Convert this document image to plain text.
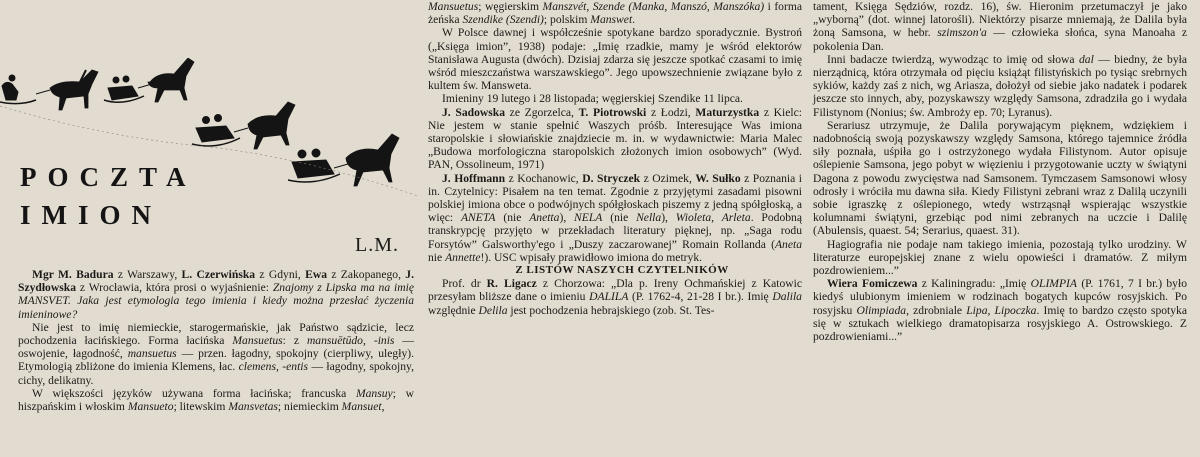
POCZTA
IMION
L.M.

Mgr M. Badura z Warszawy, L. Czerwińska z Gdyni, Ewa z Zakopanego, J. Szydłowska z Wrocławia, która prosi o wyjaśnienie: Znajomy z Lipska ma na imię MANSVET. Jaka jest etymologia tego imienia i kiedy można przesłać życzenia imieninowe?

Nie jest to imię niemieckie, starogermańskie, jak Państwo sądzicie, lecz pochodzenia łacińskiego. Forma łacińska Mansuetus: z mansuētūdo, -inis — oswojenie, łagodność, mansuetus — przen. łagodny, spokojny (cierpliwy, uległy). Etymologią zbliżone do imienia Klemens, łac. clemens, -entis — łagodny, spokojny, cichy, delikatny.

W większości języków używana forma łacińska; francuska Mansuy; w hiszpańskim i włoskim Mansueto; litewskim Mansvetas; niemieckim Mansuet,

Mansuetus; węgierskim Manszvét, Szende (Manka, Manszó, Manszóka) i forma żeńska Szendike (Szendi); polskim Manswet.

W Polsce dawnej i współcześnie spotykane bardzo sporadycznie. Bystroń („Księga imion”, 1938) podaje: „Imię rzadkie, mamy je wśród elektorów Stanisława Augusta (dwóch). Dzisiaj zdarza się jeszcze spotkać czasami to imię wśród mieszczaństwa warszawskiego”. Jego upowszechnienie związane było z kultem św. Mansweta.

Imieniny 19 lutego i 28 listopada; węgierskiej Szendike 11 lipca.

J. Sadowska ze Zgorzelca, T. Piotrowski z Łodzi, Maturzystka z Kielc: Nie jestem w stanie spełnić Waszych próśb. Interesujące Was imiona staropolskie i słowiańskie znajdziecie m. in. w wydawnictwie: Maria Malec „Budowa morfologiczna staropolskich złożonych imion osobowych” (Wyd. PAN, Ossolineum, 1971)

J. Hoffmann z Kochanowic, D. Stryczek z Ozimek, W. Sułko z Poznania i in. Czytelnicy: Pisałem na ten temat. Zgodnie z przyjętymi zasadami pisowni polskiej imiona obce o podwójnych spółgłoskach piszemy z jedną spółgłoską, a więc: ANETA (nie Anetta), NELA (nie Nella), Wioleta, Arleta. Podobną transkrypcję przyjęto w przekładach literatury pięknej, np. „Saga rodu Forsytów” Galsworthy'ego i „Duszy zaczarowanej” Romain Rollanda (Aneta nie Annette!). USC wpisały prawidłowo imiona do metryk.

Z LISTÓW NASZYCH CZYTELNIKÓW

Prof. dr R. Ligacz z Chorzowa: „Dla p. Ireny Ochmańskiej z Katowic przesyłam bliższe dane o imieniu DALILA (P. 1762-4, 21-28 I br.). Imię Dalila względnie Delila jest pochodzenia hebrajskiego (zob. St. Tes-

tament, Księga Sędziów, rozdz. 16), św. Hieronim przetumaczył je jako „wyborną” (dot. winnej latorośli). Niektórzy pisarze mniemają, że Dalila była żoną Samsona, w hebr. szimszon'a — człowieka słońca, syna Manoaha z pokolenia Dan.

Inni badacze twierdzą, wywodząc to imię od słowa dal — biedny, że była nierządnicą, która otrzymała od pięciu książąt filistyńskich po tysiąc srebrnych sykiów, każdy zaś z nich, wg Ariasza, dołożył od siebie jako nadatek i podarek jeszcze sto innych, aby, pozyskawszy względy Samsona, zdradziła go i wydała Filistynom (Nonius; św. Ambroży ep. 70; Lyranus).

Serariusz utrzymuje, że Dalila porywającym pięknem, wdziękiem i nadobnością swoją pozyskawszy względy Samsona, którego tajemnice źródła siły poznała, uśpiła go i ostrzyżonego wydała Filistynom. Autor opisuje oślepienie Samsona, jego pobyt w więzieniu i przygotowanie uczty w świątyni Dagona z powodu zwycięstwa nad Samsonem. Tymczasem Samsonowi włosy odrosły i wróciła mu dawna siła. Kiedy Filistyni zebrani wraz z Dalilą uczynili sobie igraszkę z oślepionego, wtedy wstrząsnął wspierając wszystkie kolumnami świątyni, grzebiąc pod nimi zebranych na uczcie i Dalilę (Abulensis, quaest. 54; Serarius, quaest. 31).

Hagiografia nie podaje nam takiego imienia, pozostają tylko urodziny. W literaturze europejskiej znane z wielu opowieści i dramatów. Z miłym pozdrowieniem...”

Wiera Fomiczewa z Kaliningradu: „Imię OLIMPIA (P. 1761, 7 I br.) było kiedyś ulubionym imieniem w rodzinach bogatych kupców rosyjskich. Po rosyjsku Olimpiada, zdrobniale Lipa, Lipoczka. Imię to bardzo często spotyka się w sztukach wielkiego dramatopisarza rosyjskiego A. Ostrowskiego. Z pozdrowieniami...”
